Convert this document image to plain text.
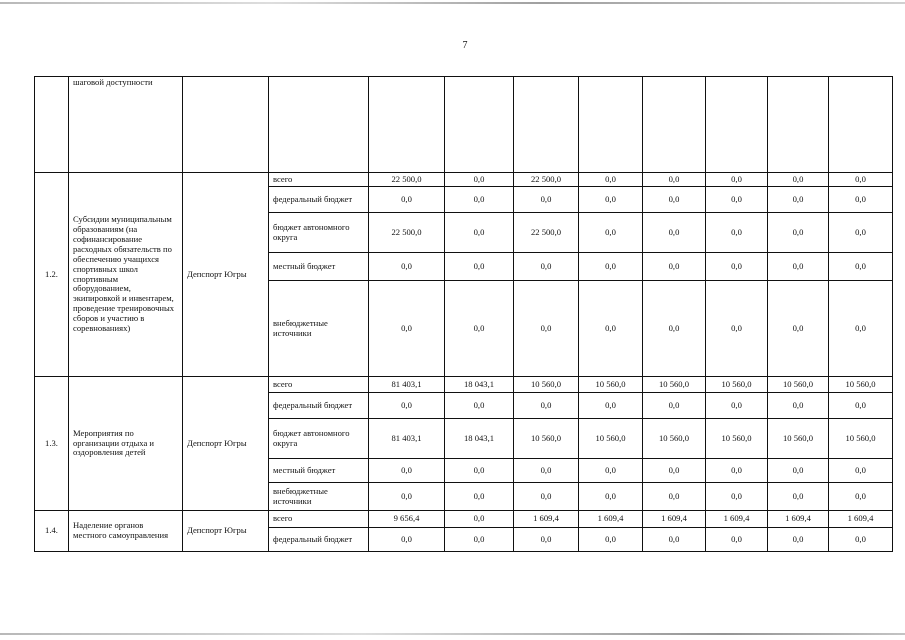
7
	шаговой доступности										
1.2.	Субсидии муниципальным образованиям (на софинансирование расходных обязательств по обеспечению учащихся спортивных школ спортивным оборудованием, экипировкой и инвентарем, проведение тренировочных сборов и участию в соревнованиях)	Депспорт Югры	всего	22 500,0	0,0	22 500,0	0,0	0,0	0,0	0,0	0,0
			федеральный бюджет	0,0	0,0	0,0	0,0	0,0	0,0	0,0	0,0
			бюджет автономного округа	22 500,0	0,0	22 500,0	0,0	0,0	0,0	0,0	0,0
			местный бюджет	0,0	0,0	0,0	0,0	0,0	0,0	0,0	0,0
			внебюджетные источники	0,0	0,0	0,0	0,0	0,0	0,0	0,0	0,0
1.3.	Мероприятия по организации отдыха и оздоровления детей	Депспорт Югры	всего	81 403,1	18 043,1	10 560,0	10 560,0	10 560,0	10 560,0	10 560,0	10 560,0
			федеральный бюджет	0,0	0,0	0,0	0,0	0,0	0,0	0,0	0,0
			бюджет автономного округа	81 403,1	18 043,1	10 560,0	10 560,0	10 560,0	10 560,0	10 560,0	10 560,0
			местный бюджет	0,0	0,0	0,0	0,0	0,0	0,0	0,0	0,0
			внебюджетные источники	0,0	0,0	0,0	0,0	0,0	0,0	0,0	0,0
1.4.	Наделение органов местного самоуправления	Депспорт Югры	всего	9 656,4	0,0	1 609,4	1 609,4	1 609,4	1 609,4	1 609,4	1 609,4
			федеральный бюджет	0,0	0,0	0,0	0,0	0,0	0,0	0,0	0,0
